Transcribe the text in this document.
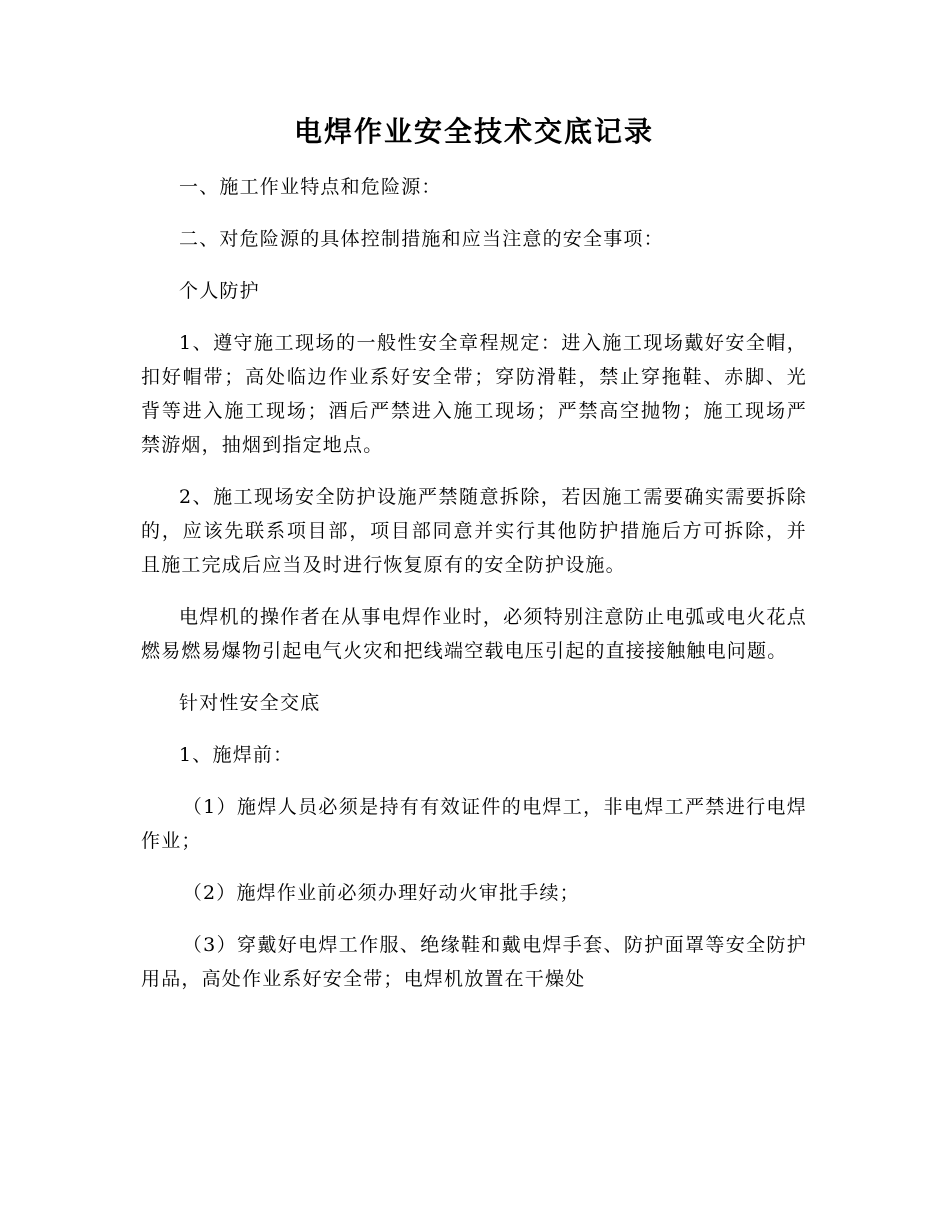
电焊作业安全技术交底记录

一、施工作业特点和危险源：

二、对危险源的具体控制措施和应当注意的安全事项：

个人防护

1、遵守施工现场的一般性安全章程规定：进入施工现场戴好安全帽，扣好帽带；高处临边作业系好安全带；穿防滑鞋，禁止穿拖鞋、赤脚、光背等进入施工现场；酒后严禁进入施工现场；严禁高空抛物；施工现场严禁游烟，抽烟到指定地点。

2、施工现场安全防护设施严禁随意拆除，若因施工需要确实需要拆除的，应该先联系项目部，项目部同意并实行其他防护措施后方可拆除，并且施工完成后应当及时进行恢复原有的安全防护设施。

电焊机的操作者在从事电焊作业时，必须特别注意防止电弧或电火花点燃易燃易爆物引起电气火灾和把线端空载电压引起的直接接触触电问题。

针对性安全交底

1、施焊前：

（1）施焊人员必须是持有有效证件的电焊工，非电焊工严禁进行电焊作业；

（2）施焊作业前必须办理好动火审批手续；

（3）穿戴好电焊工作服、绝缘鞋和戴电焊手套、防护面罩等安全防护用品，高处作业系好安全带；电焊机放置在干燥处
